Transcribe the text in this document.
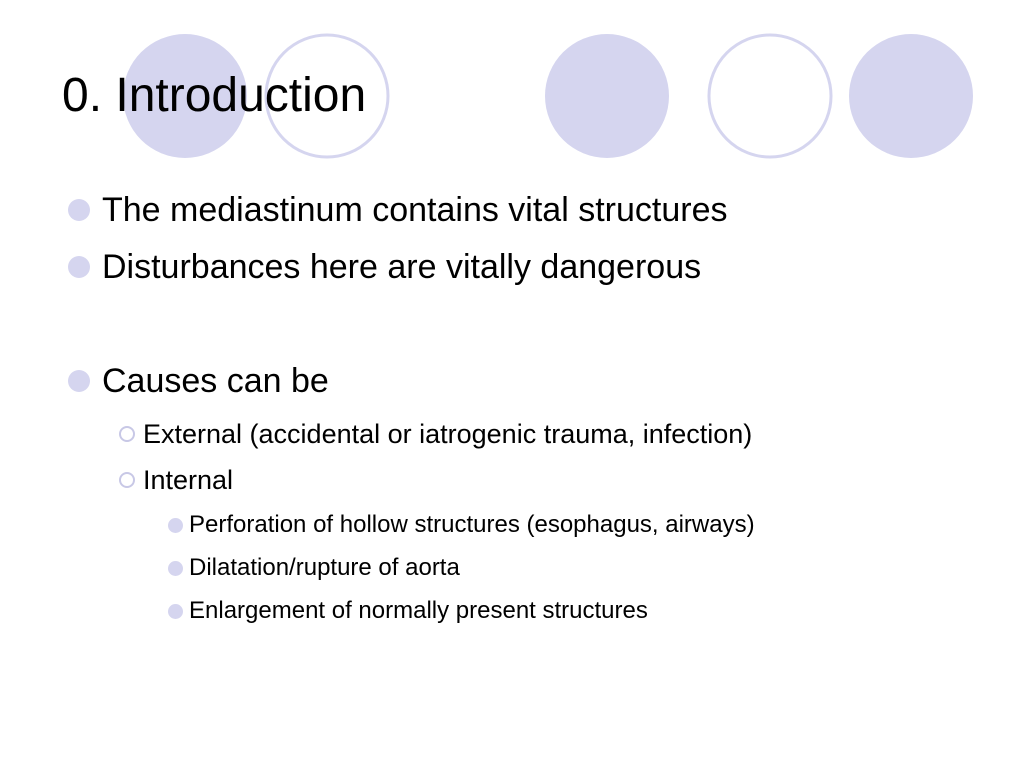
0. Introduction
The mediastinum contains vital structures
Disturbances here are vitally dangerous
Causes can be
External (accidental or iatrogenic trauma, infection)
Internal
Perforation of hollow structures (esophagus, airways)
Dilatation/rupture of aorta
Enlargement of normally present structures
